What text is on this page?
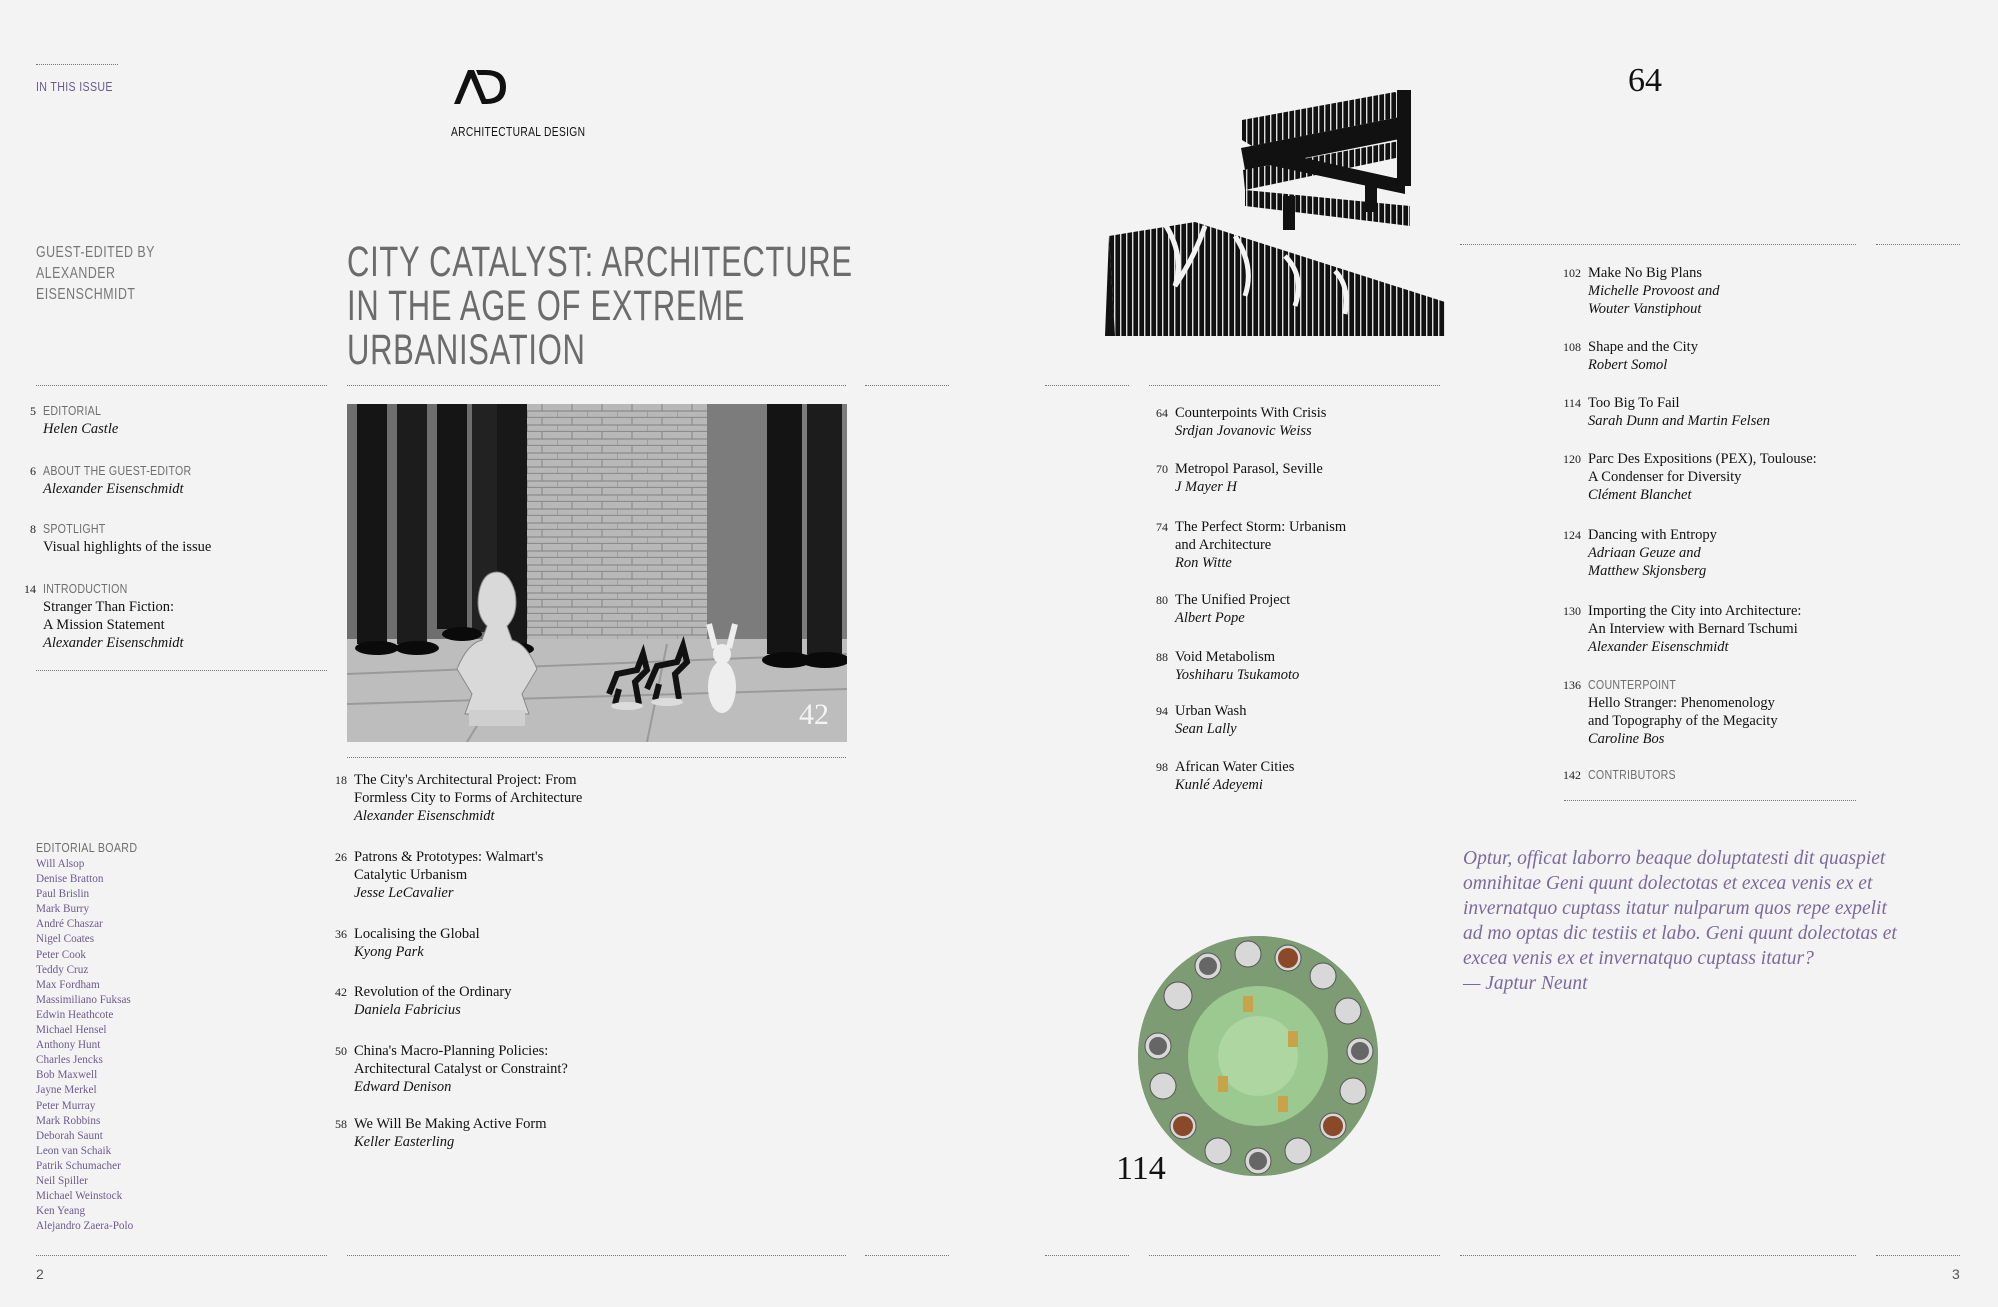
IN THIS ISSUE
ARCHITECTURAL DESIGN
GUEST-EDITED BY
ALEXANDER
EISENSCHMIDT
CITY CATALYST: ARCHITECTURE
IN THE AGE OF EXTREME
URBANISATION
5 EDITORIAL
Helen Castle
6 ABOUT THE GUEST-EDITOR
Alexander Eisenschmidt
8 SPOTLIGHT
Visual highlights of the issue
14 INTRODUCTION
Stranger Than Fiction:
A Mission Statement
Alexander Eisenschmidt
EDITORIAL BOARD
Will Alsop
Denise Bratton
Paul Brislin
Mark Burry
André Chaszar
Nigel Coates
Peter Cook
Teddy Cruz
Max Fordham
Massimiliano Fuksas
Edwin Heathcote
Michael Hensel
Anthony Hunt
Charles Jencks
Bob Maxwell
Jayne Merkel
Peter Murray
Mark Robbins
Deborah Saunt
Leon van Schaik
Patrik Schumacher
Neil Spiller
Michael Weinstock
Ken Yeang
Alejandro Zaera-Polo
42
18 The City's Architectural Project: From
Formless City to Forms of Architecture
Alexander Eisenschmidt
26 Patrons & Prototypes: Walmart's
Catalytic Urbanism
Jesse LeCavalier
36 Localising the Global
Kyong Park
42 Revolution of the Ordinary
Daniela Fabricius
50 China's Macro-Planning Policies:
Architectural Catalyst or Constraint?
Edward Denison
58 We Will Be Making Active Form
Keller Easterling
64 Counterpoints With Crisis
Srdjan Jovanovic Weiss
70 Metropol Parasol, Seville
J Mayer H
74 The Perfect Storm: Urbanism
and Architecture
Ron Witte
80 The Unified Project
Albert Pope
88 Void Metabolism
Yoshiharu Tsukamoto
94 Urban Wash
Sean Lally
98 African Water Cities
Kunlé Adeyemi
102 Make No Big Plans
Michelle Provoost and
Wouter Vanstiphout
108 Shape and the City
Robert Somol
114 Too Big To Fail
Sarah Dunn and Martin Felsen
120 Parc Des Expositions (PEX), Toulouse:
A Condenser for Diversity
Clément Blanchet
124 Dancing with Entropy
Adriaan Geuze and
Matthew Skjonsberg
130 Importing the City into Architecture:
An Interview with Bernard Tschumi
Alexander Eisenschmidt
136 COUNTERPOINT
Hello Stranger: Phenomenology
and Topography of the Megacity
Caroline Bos
142 CONTRIBUTORS
64
114
Optur, officat laborro beaque doluptatesti dit quaspiet
omnihitae Geni quunt dolectotas et excea venis ex et
invernatquo cuptass itatur nulparum quos repe expelit
ad mo optas dic testiis et labo. Geni quunt dolectotas et
excea venis ex et invernatquo cuptass itatur?
— Japtur Neunt
2	3
